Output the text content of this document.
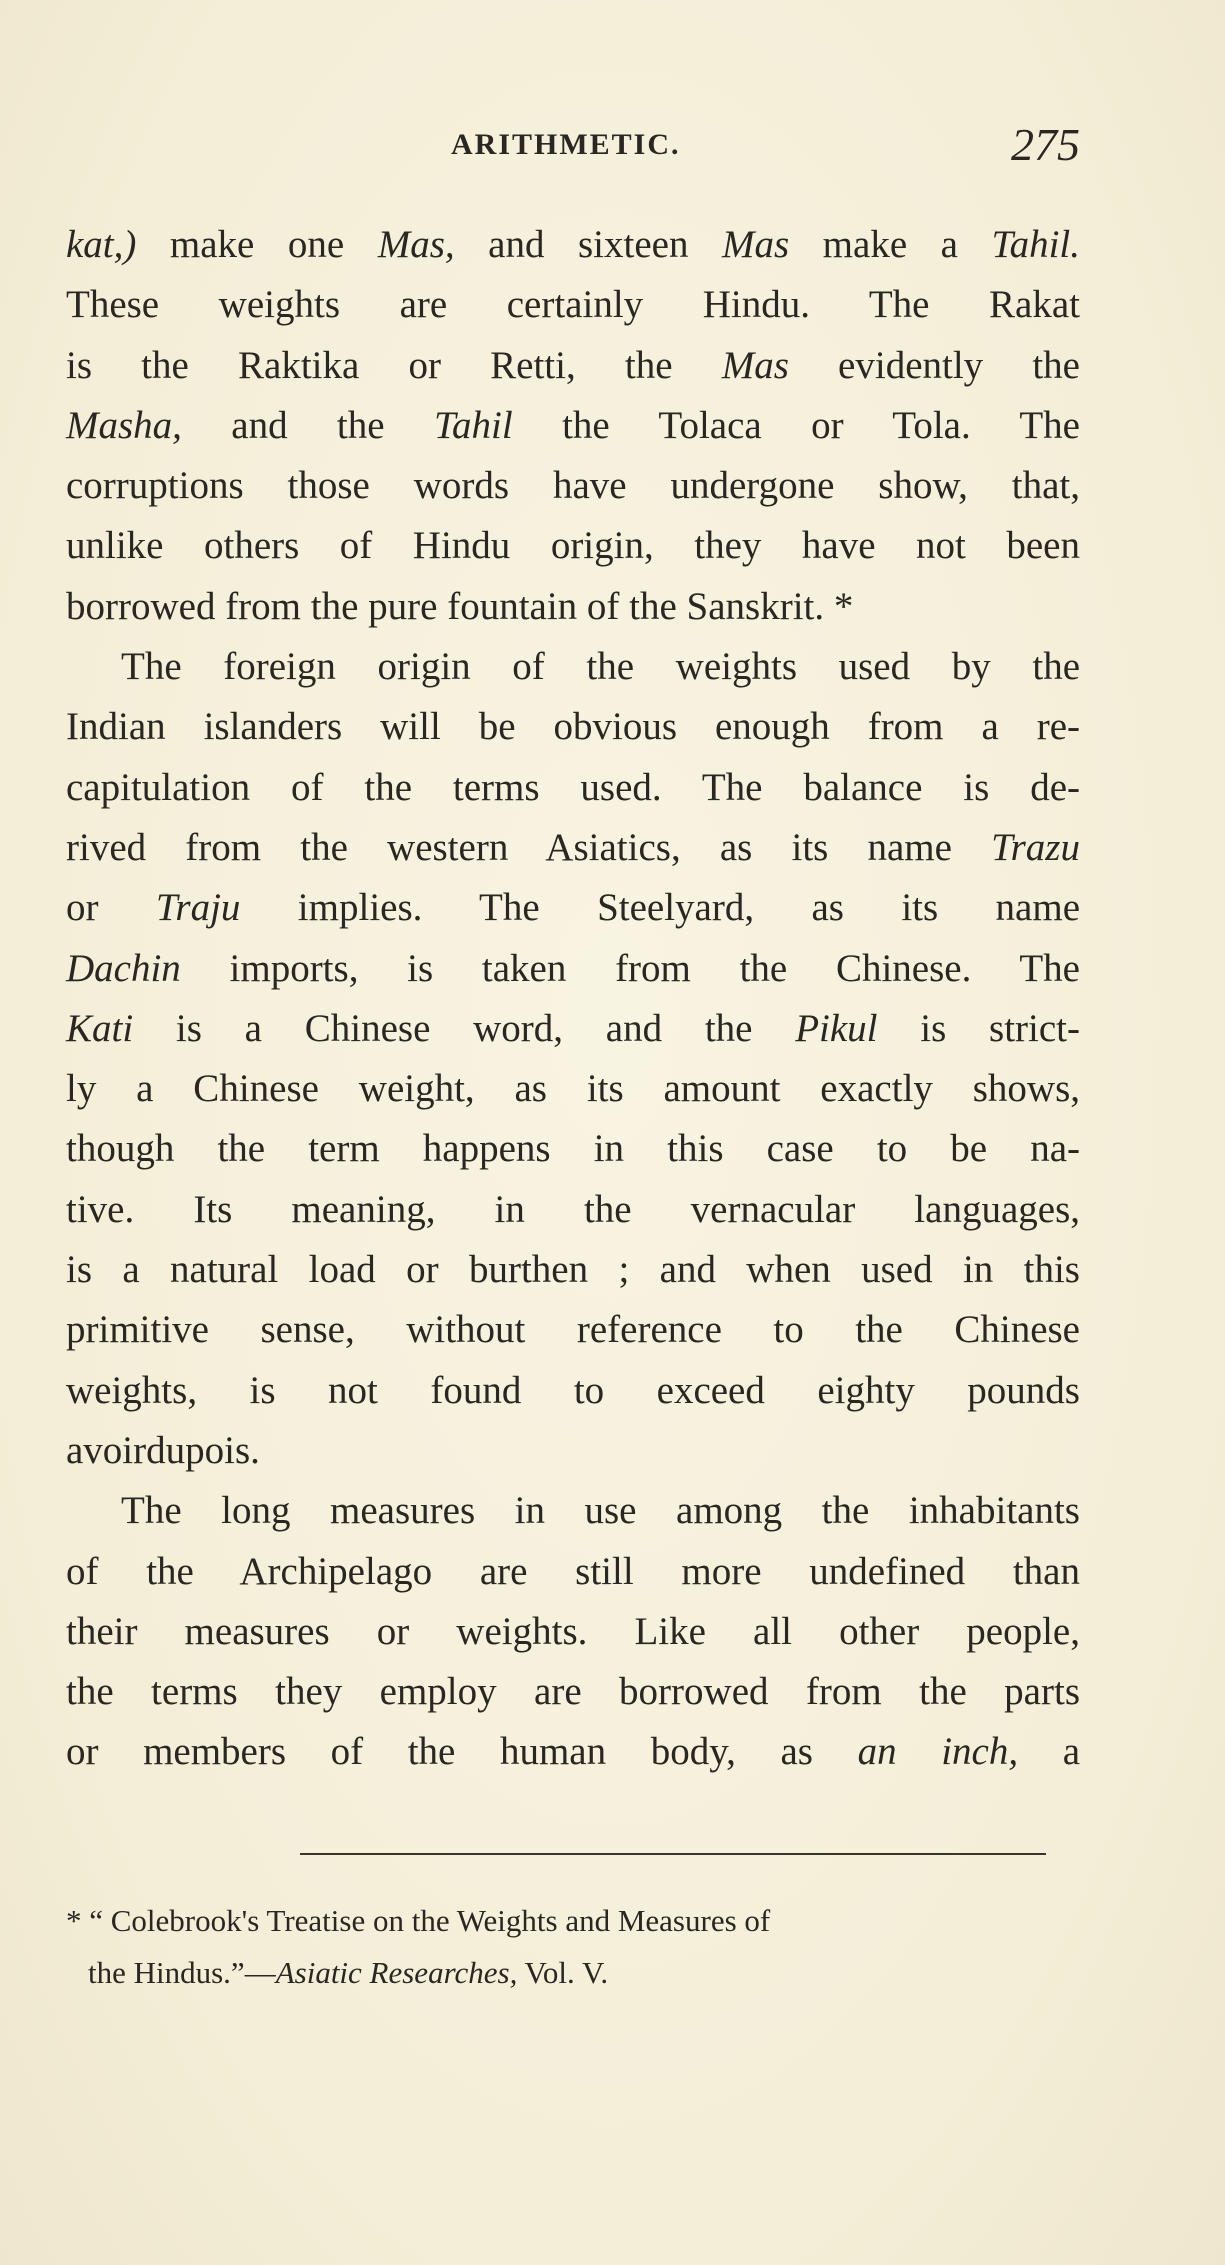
ARITHMETIC.	275
kat,) make one Mas, and sixteen Mas make a Tahil.
These weights are certainly Hindu. The Rakat
is the Raktika or Retti, the Mas evidently the
Masha, and the Tahil the Tolaca or Tola. The
corruptions those words have undergone show, that,
unlike others of Hindu origin, they have not been
borrowed from the pure fountain of the Sanskrit. *
The foreign origin of the weights used by the
Indian islanders will be obvious enough from a re-
capitulation of the terms used. The balance is de-
rived from the western Asiatics, as its name Trazu
or Traju implies. The Steelyard, as its name
Dachin imports, is taken from the Chinese. The
Kati is a Chinese word, and the Pikul is strict-
ly a Chinese weight, as its amount exactly shows,
though the term happens in this case to be na-
tive. Its meaning, in the vernacular languages,
is a natural load or burthen ; and when used in this
primitive sense, without reference to the Chinese
weights, is not found to exceed eighty pounds
avoirdupois.
The long measures in use among the inhabitants
of the Archipelago are still more undefined than
their measures or weights. Like all other people,
the terms they employ are borrowed from the parts
or members of the human body, as an inch, a
* “ Colebrook's Treatise on the Weights and Measures of
the Hindus.”—Asiatic Researches, Vol. V.
